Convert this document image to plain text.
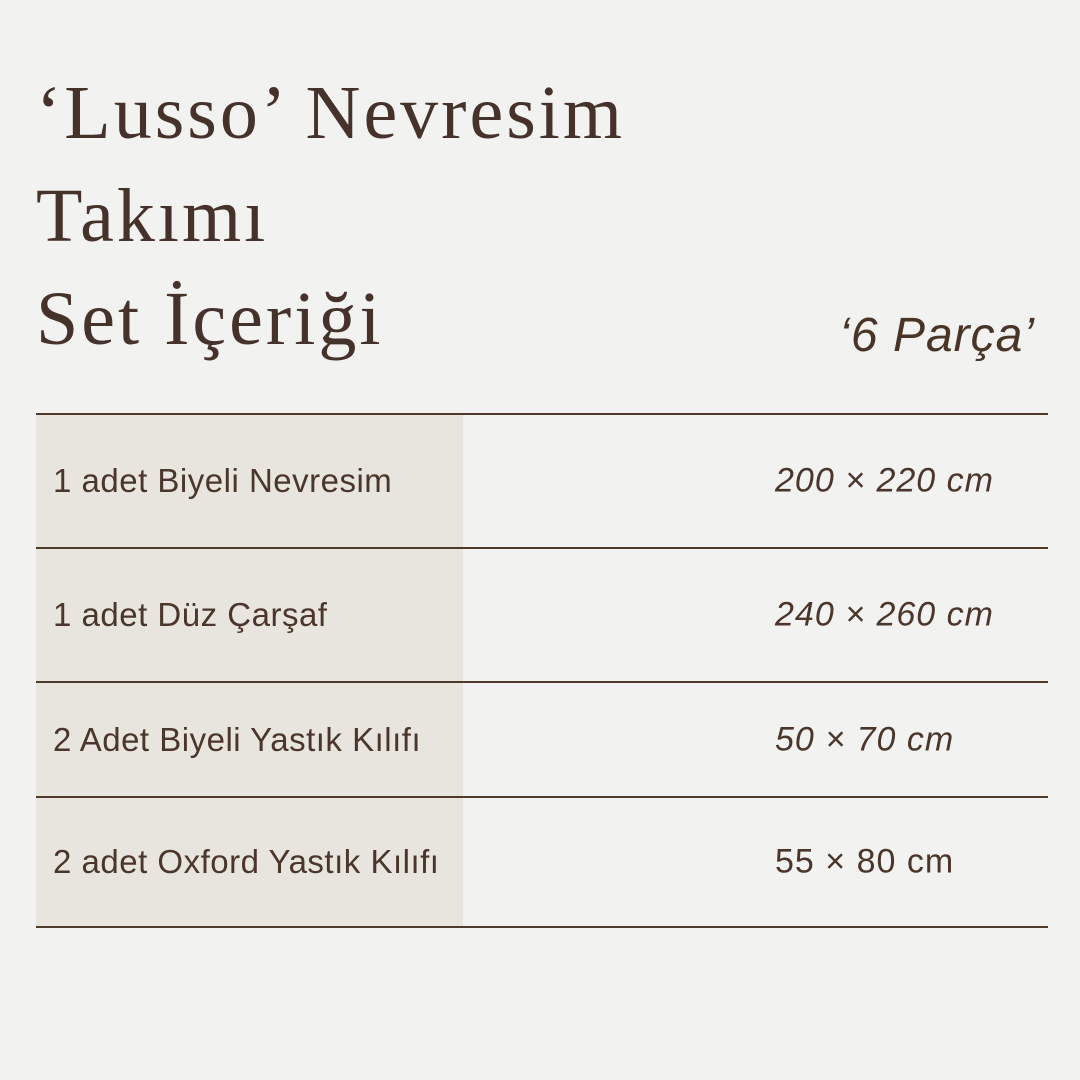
‘Lusso’ Nevresim
Takımı
Set İçeriği	‘6 Parça’
1 adet Biyeli Nevresim	200 × 220 cm
1 adet Düz Çarşaf	240 × 260 cm
2 Adet Biyeli Yastık Kılıfı	50 × 70 cm
2 adet Oxford Yastık Kılıfı	55 × 80 cm
